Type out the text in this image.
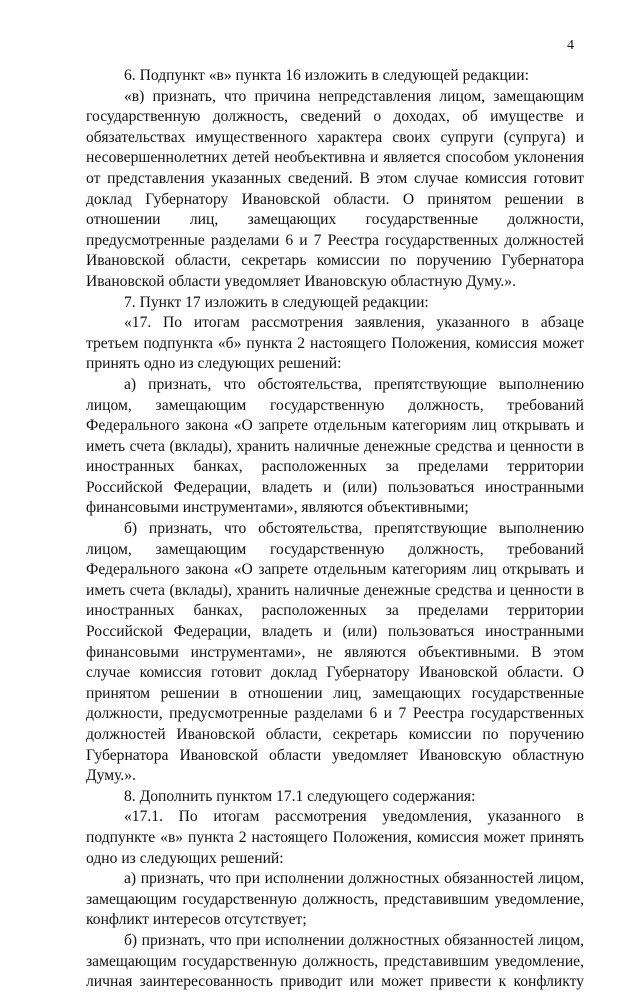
4

6. Подпункт «в» пункта 16 изложить в следующей редакции:

«в) признать, что причина непредставления лицом, замещающим государственную должность, сведений о доходах, об имуществе и обязательствах имущественного характера своих супруги (супруга) и несовершеннолетних детей необъективна и является способом уклонения от представления указанных сведений. В этом случае комиссия готовит доклад Губернатору Ивановской области. О принятом решении в отношении лиц, замещающих государственные должности, предусмотренные разделами 6 и 7 Реестра государственных должностей Ивановской области, секретарь комиссии по поручению Губернатора Ивановской области уведомляет Ивановскую областную Думу.».

7. Пункт 17 изложить в следующей редакции:

«17. По итогам рассмотрения заявления, указанного в абзаце третьем подпункта «б» пункта 2 настоящего Положения, комиссия может принять одно из следующих решений:

а) признать, что обстоятельства, препятствующие выполнению лицом, замещающим государственную должность, требований Федерального закона «О запрете отдельным категориям лиц открывать и иметь счета (вклады), хранить наличные денежные средства и ценности в иностранных банках, расположенных за пределами территории Российской Федерации, владеть и (или) пользоваться иностранными финансовыми инструментами», являются объективными;

б) признать, что обстоятельства, препятствующие выполнению лицом, замещающим государственную должность, требований Федерального закона «О запрете отдельным категориям лиц открывать и иметь счета (вклады), хранить наличные денежные средства и ценности в иностранных банках, расположенных за пределами территории Российской Федерации, владеть и (или) пользоваться иностранными финансовыми инструментами», не являются объективными. В этом случае комиссия готовит доклад Губернатору Ивановской области. О принятом решении в отношении лиц, замещающих государственные должности, предусмотренные разделами 6 и 7 Реестра государственных должностей Ивановской области, секретарь комиссии по поручению Губернатора Ивановской области уведомляет Ивановскую областную Думу.».

8. Дополнить пунктом 17.1 следующего содержания:

«17.1. По итогам рассмотрения уведомления, указанного в подпункте «в» пункта 2 настоящего Положения, комиссия может принять одно из следующих решений:

а) признать, что при исполнении должностных обязанностей лицом, замещающим государственную должность, представившим уведомление, конфликт интересов отсутствует;

б) признать, что при исполнении должностных обязанностей лицом, замещающим государственную должность, представившим уведомление, личная заинтересованность приводит или может привести к конфликту
